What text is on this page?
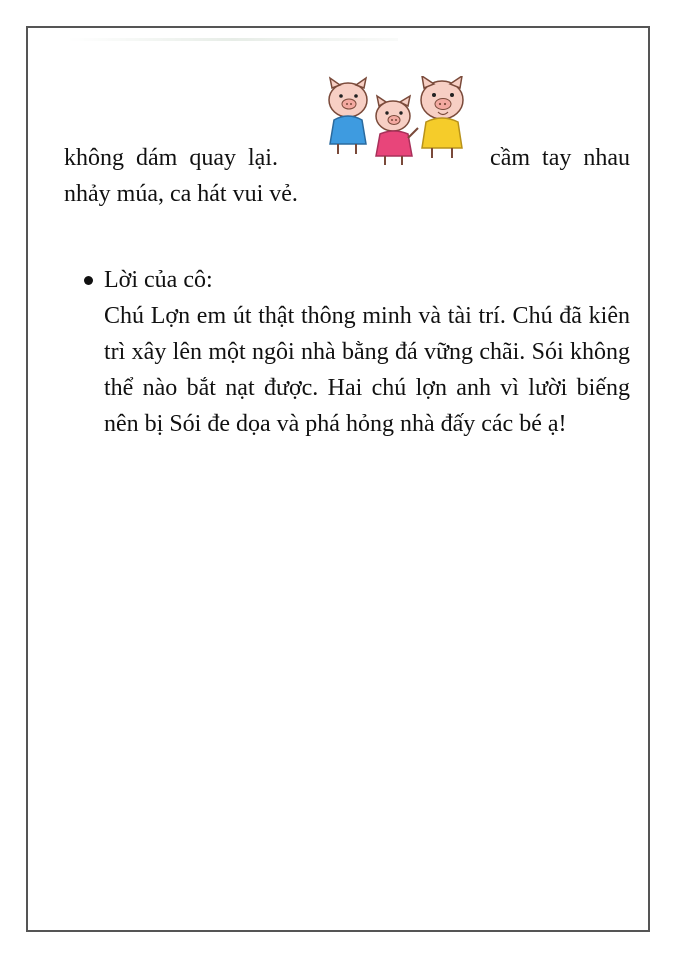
không dám quay lại.	cầm tay nhau
nhảy múa, ca hát vui vẻ.
Lời của cô:
Chú Lợn em út thật thông minh và tài trí. Chú đã kiên trì xây lên một ngôi nhà bằng đá vững chãi. Sói không thể nào bắt nạt được. Hai chú lợn anh vì lười biếng nên bị Sói đe dọa và phá hỏng nhà đấy các bé ạ!
